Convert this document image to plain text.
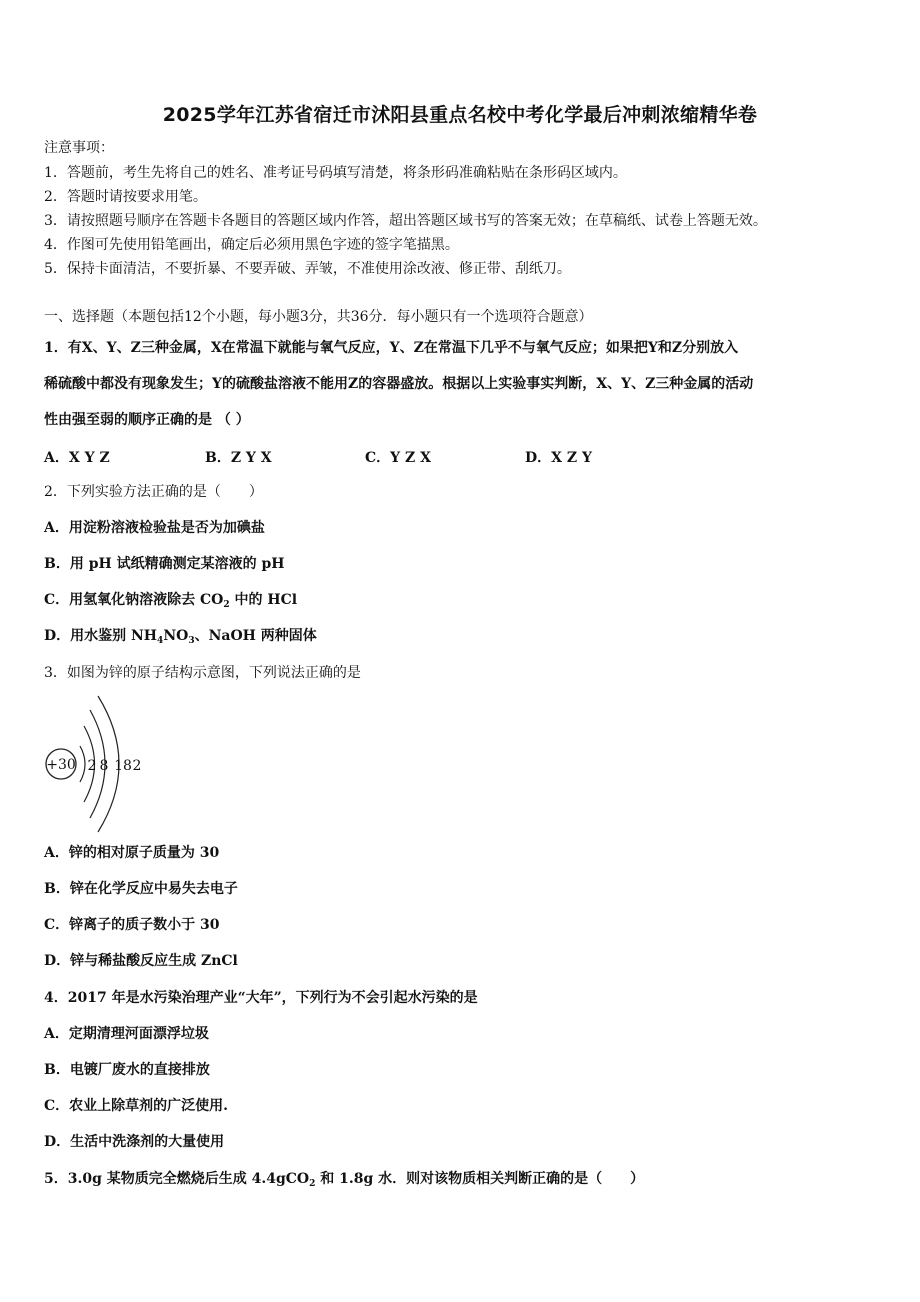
2025学年江苏省宿迁市沭阳县重点名校中考化学最后冲刺浓缩精华卷
注意事项：
1．答题前，考生先将自己的姓名、准考证号码填写清楚，将条形码准确粘贴在条形码区域内。
2．答题时请按要求用笔。
3．请按照题号顺序在答题卡各题目的答题区域内作答，超出答题区域书写的答案无效；在草稿纸、试卷上答题无效。
4．作图可先使用铅笔画出，确定后必须用黑色字迹的签字笔描黑。
5．保持卡面清洁，不要折暴、不要弄破、弄皱，不准使用涂改液、修正带、刮纸刀。
一、选择题（本题包括12个小题，每小题3分，共36分．每小题只有一个选项符合题意）
1．有X、Y、Z三种金属，X在常温下就能与氧气反应，Y、Z在常温下几乎不与氧气反应；如果把Y和Z分别放入
稀硫酸中都没有现象发生；Y的硫酸盐溶液不能用Z的容器盛放。根据以上实验事实判断，X、Y、Z三种金属的活动
性由强至弱的顺序正确的是 （ ）
A．X Y Z	B．Z Y X	C．Y Z X	D．X Z Y
2．下列实验方法正确的是（　　）
A．用淀粉溶液检验盐是否为加碘盐
B．用 pH 试纸精确测定某溶液的 pH
C．用氢氧化钠溶液除去 $CO_2$ 中的 HCl
D．用水鉴别 $NH_4NO_3$、NaOH 两种固体
3．如图为锌的原子结构示意图，下列说法正确的是
+30 2 8 18 2
A．锌的相对原子质量为 30
B．锌在化学反应中易失去电子
C．锌离子的质子数小于 30
D．锌与稀盐酸反应生成 ZnCl
4．2017 年是水污染治理产业“大年”，下列行为不会引起水污染的是
A．定期清理河面漂浮垃圾
B．电镀厂废水的直接排放
C．农业上除草剂的广泛使用.
D．生活中洗涤剂的大量使用
5．3.0g 某物质完全燃烧后生成 4.4gCO$_2$ 和 1.8g 水．则对该物质相关判断正确的是（　　）
